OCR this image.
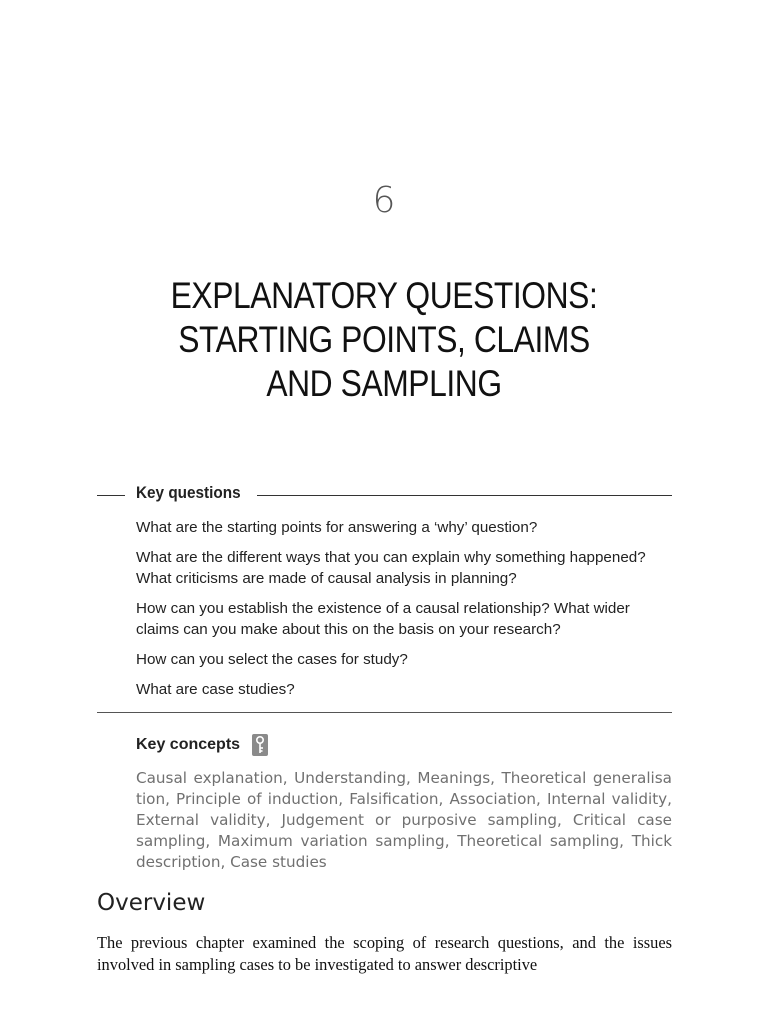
6
EXPLANATORY QUESTIONS:
STARTING POINTS, CLAIMS
AND SAMPLING
Key questions
What are the starting points for answering a ‘why’ question?
What are the different ways that you can explain why something happened? What criticisms are made of causal analysis in planning?
How can you establish the existence of a causal relationship? What wider claims can you make about this on the basis on your research?
How can you select the cases for study?
What are case studies?
Key concepts

Causal explanation, Understanding, Meanings, Theoretical generalisa tion, Principle of induction, Falsification, Association, Internal validity, External validity, Judgement or purposive sampling, Critical case sampling, Maximum variation sampling, Theoretical sampling, Thick description, Case studies

Overview

The previous chapter examined the scoping of research questions, and the issues involved in sampling cases to be investigated to answer descriptive
